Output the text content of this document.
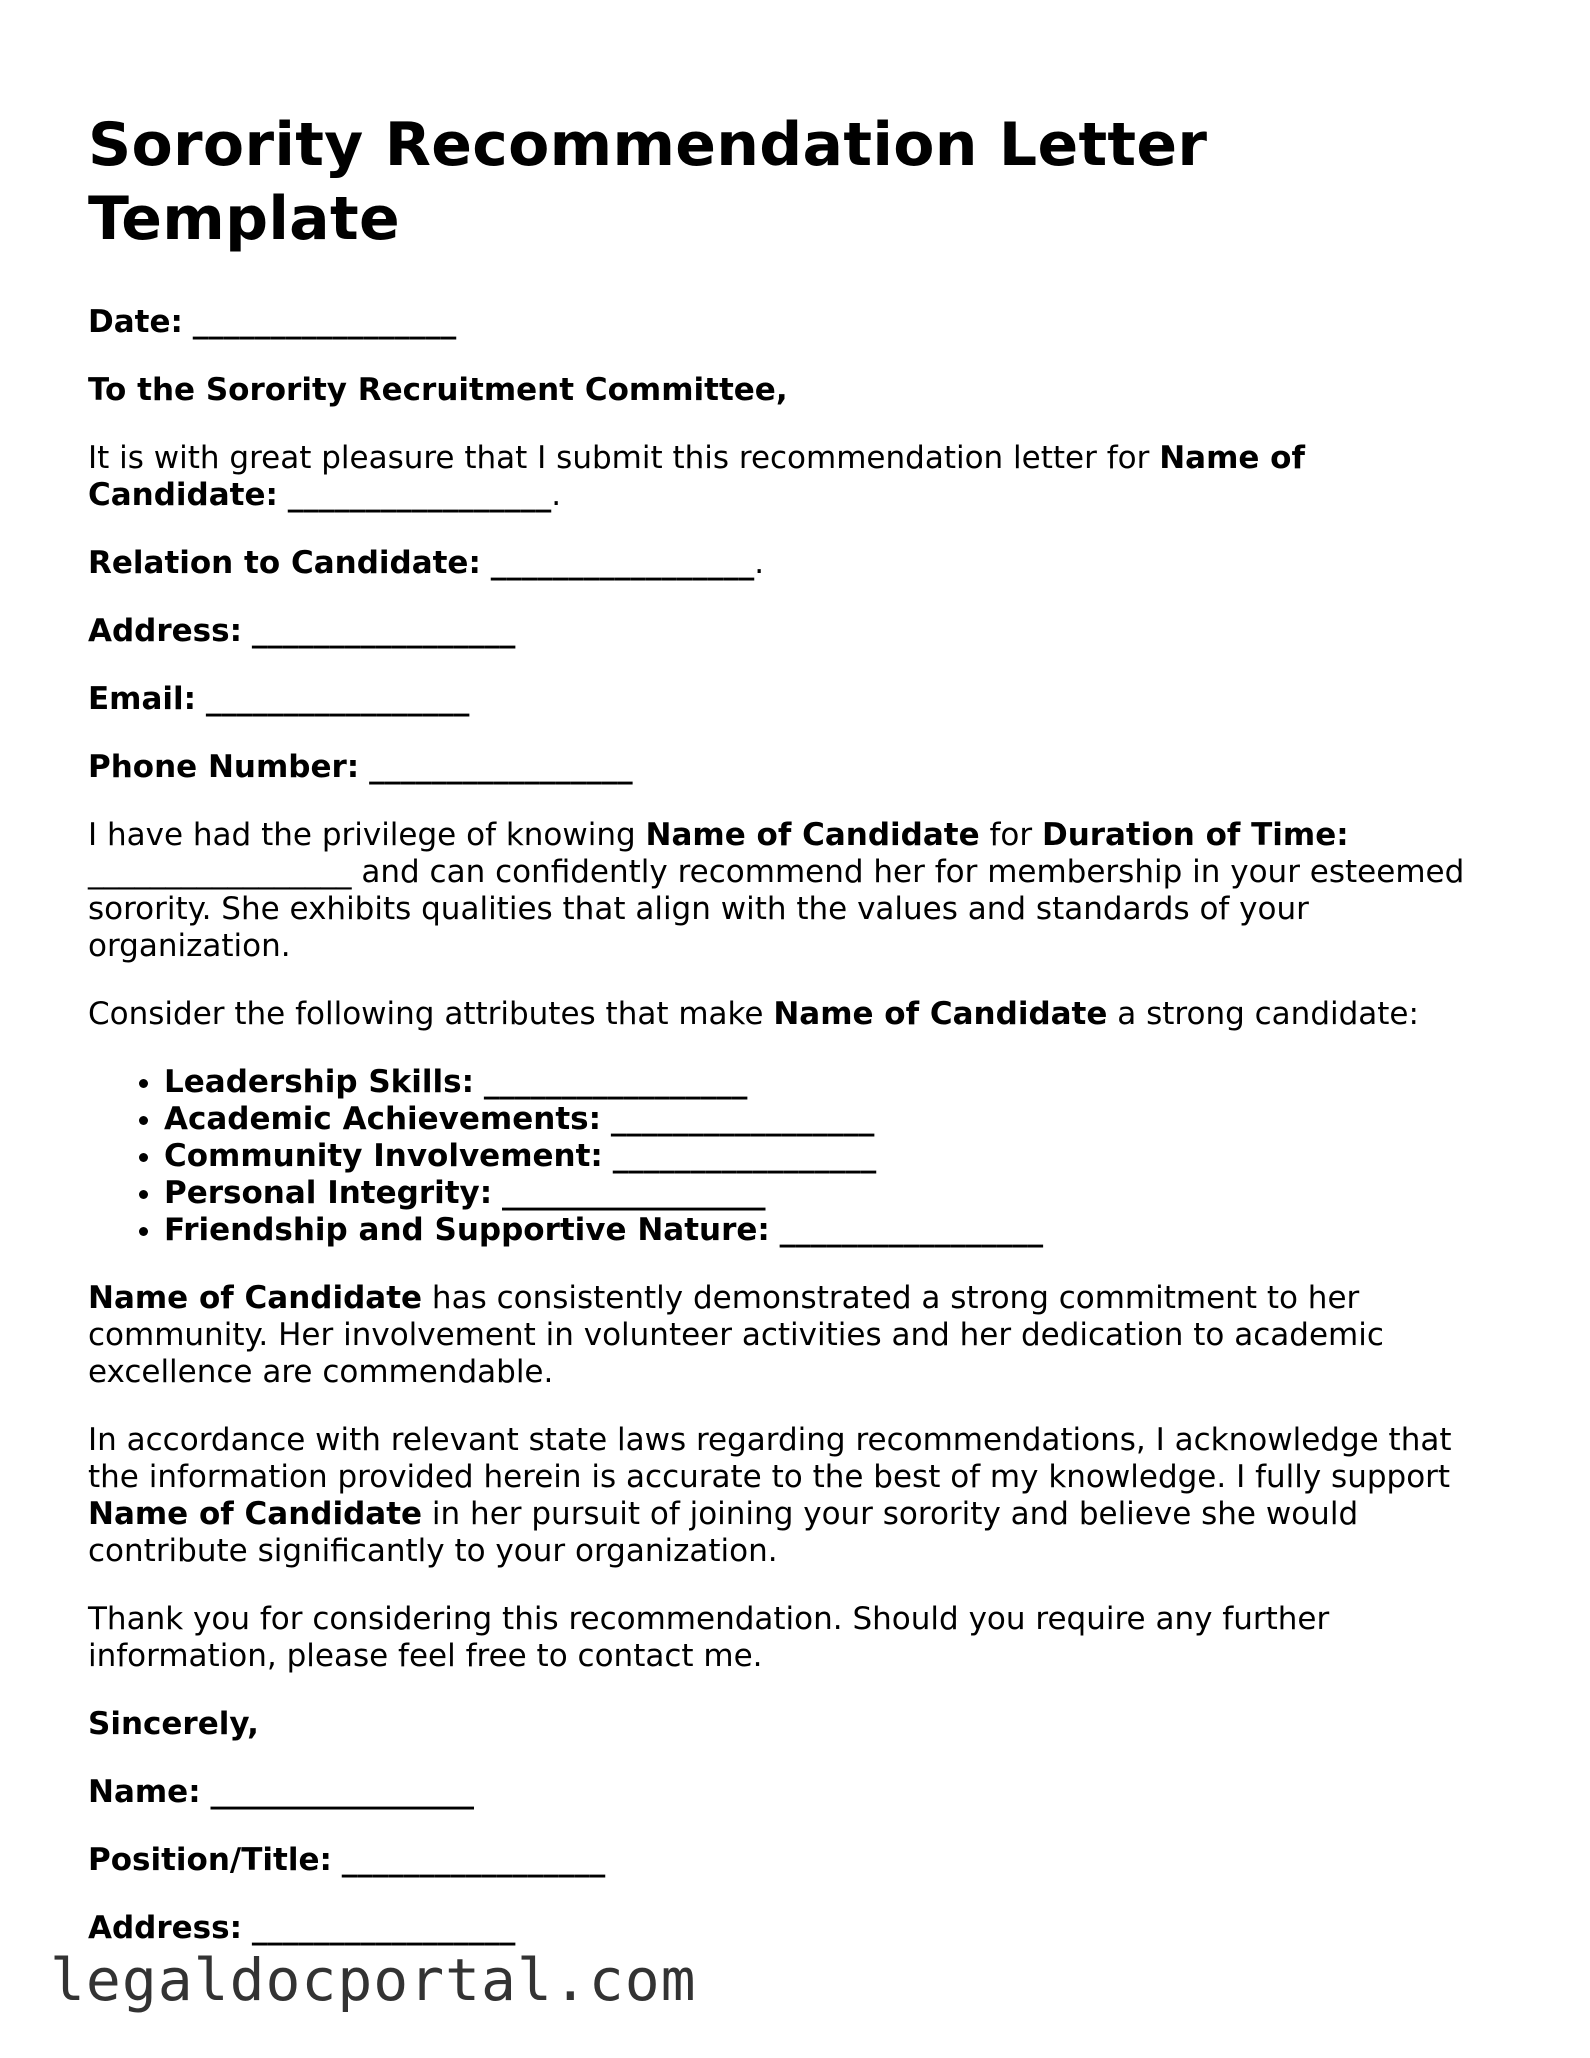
Sorority Recommendation Letter Template

Date: _________________

To the Sorority Recruitment Committee,

It is with great pleasure that I submit this recommendation letter for Name of Candidate: _________________.

Relation to Candidate: _________________.

Address: _________________

Email: _________________

Phone Number: _________________

I have had the privilege of knowing Name of Candidate for Duration of Time: _________________ and can confidently recommend her for membership in your esteemed sorority. She exhibits qualities that align with the values and standards of your organization.

Consider the following attributes that make Name of Candidate a strong candidate:

• Leadership Skills: _________________
• Academic Achievements: _________________
• Community Involvement: _________________
• Personal Integrity: _________________
• Friendship and Supportive Nature: _________________

Name of Candidate has consistently demonstrated a strong commitment to her community. Her involvement in volunteer activities and her dedication to academic excellence are commendable.

In accordance with relevant state laws regarding recommendations, I acknowledge that the information provided herein is accurate to the best of my knowledge. I fully support Name of Candidate in her pursuit of joining your sorority and believe she would contribute significantly to your organization.

Thank you for considering this recommendation. Should you require any further information, please feel free to contact me.

Sincerely,

Name: _________________

Position/Title: _________________

Address: _________________

legaldocportal.com
